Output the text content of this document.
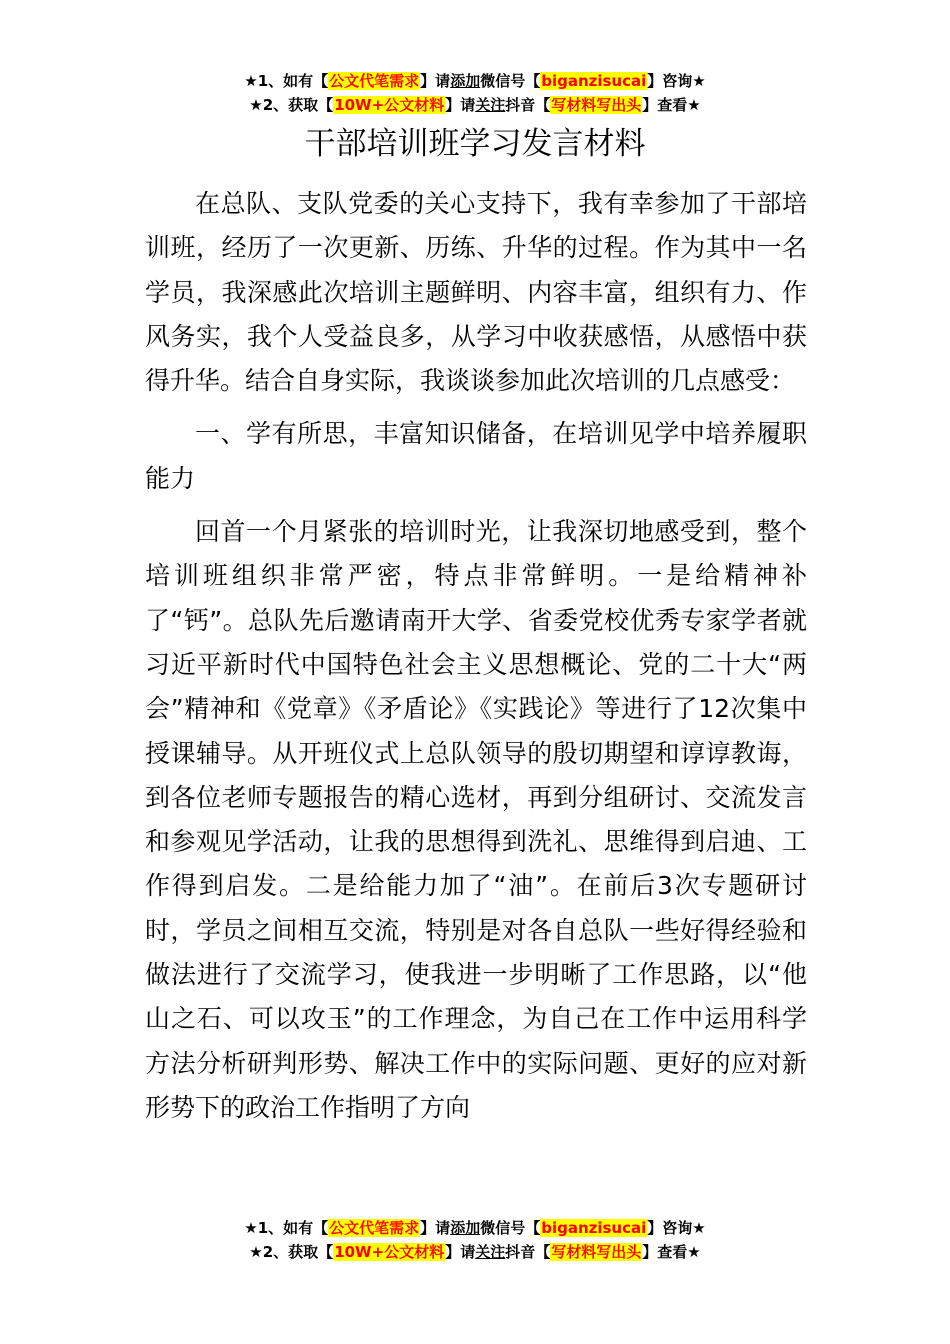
★1、如有【公文代笔需求】请添加微信号【biganzisucai】咨询★
★2、获取【10W+公文材料】请关注抖音【写材料写出头】查看★
干部培训班学习发言材料

在总队、支队党委的关心支持下，我有幸参加了干部培训班，经历了一次更新、历练、升华的过程。作为其中一名学员，我深感此次培训主题鲜明、内容丰富，组织有力、作风务实，我个人受益良多，从学习中收获感悟，从感悟中获得升华。结合自身实际，我谈谈参加此次培训的几点感受：

一、学有所思，丰富知识储备，在培训见学中培养履职能力

回首一个月紧张的培训时光，让我深切地感受到，整个培训班组织非常严密，特点非常鲜明。一是给精神补了“钙”。总队先后邀请南开大学、省委党校优秀专家学者就习近平新时代中国特色社会主义思想概论、党的二十大“两会”精神和《党章》《矛盾论》《实践论》等进行了12次集中授课辅导。从开班仪式上总队领导的殷切期望和谆谆教诲，到各位老师专题报告的精心选材，再到分组研讨、交流发言和参观见学活动，让我的思想得到洗礼、思维得到启迪、工作得到启发。二是给能力加了“油”。在前后3次专题研讨时，学员之间相互交流，特别是对各自总队一些好得经验和做法进行了交流学习，使我进一步明晰了工作思路，以“他山之石、可以攻玉”的工作理念，为自己在工作中运用科学方法分析研判形势、解决工作中的实际问题、更好的应对新形势下的政治工作指明了方向

★1、如有【公文代笔需求】请添加微信号【biganzisucai】咨询★
★2、获取【10W+公文材料】请关注抖音【写材料写出头】查看★
